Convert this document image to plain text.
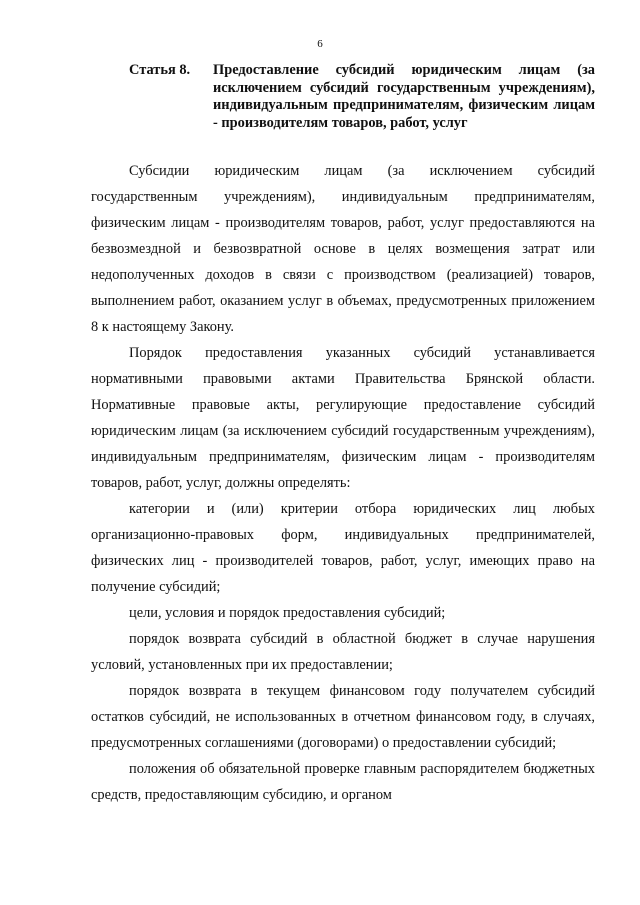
6
Статья 8. Предоставление субсидий юридическим лицам (за исключением субсидий государственным учреждениям), индивидуальным предпринимателям, физическим лицам - производителям товаров, работ, услуг

Субсидии юридическим лицам (за исключением субсидий государственным учреждениям), индивидуальным предпринимателям, физическим лицам - производителям товаров, работ, услуг предоставляются на безвозмездной и безвозвратной основе в целях возмещения затрат или недополученных доходов в связи с производством (реализацией) товаров, выполнением работ, оказанием услуг в объемах, предусмотренных приложением 8 к настоящему Закону.

Порядок предоставления указанных субсидий устанавливается нормативными правовыми актами Правительства Брянской области. Нормативные правовые акты, регулирующие предоставление субсидий юридическим лицам (за исключением субсидий государственным учреждениям), индивидуальным предпринимателям, физическим лицам - производителям товаров, работ, услуг, должны определять:

категории и (или) критерии отбора юридических лиц любых организационно-правовых форм, индивидуальных предпринимателей, физических лиц - производителей товаров, работ, услуг, имеющих право на получение субсидий;

цели, условия и порядок предоставления субсидий;

порядок возврата субсидий в областной бюджет в случае нарушения условий, установленных при их предоставлении;

порядок возврата в текущем финансовом году получателем субсидий остатков субсидий, не использованных в отчетном финансовом году, в случаях, предусмотренных соглашениями (договорами) о предоставлении субсидий;

положения об обязательной проверке главным распорядителем бюджетных средств, предоставляющим субсидию, и органом
